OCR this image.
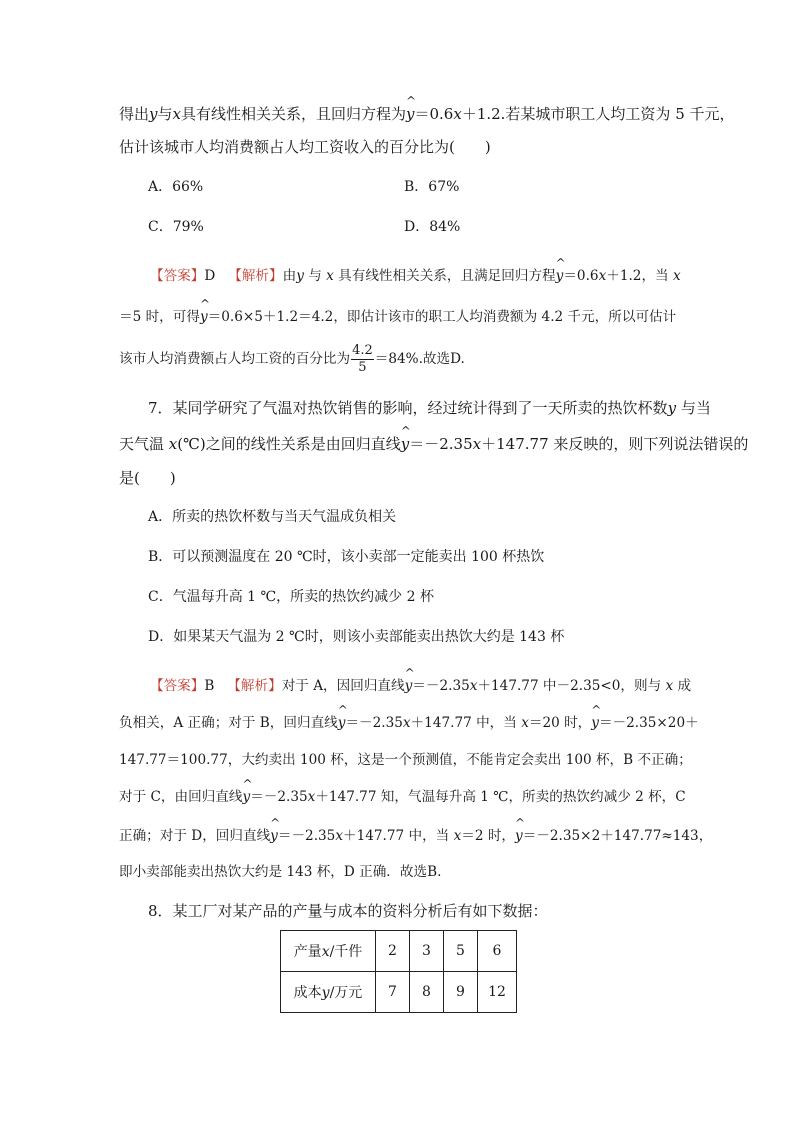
得出y与x具有线性相关关系，且回归方程为^ y＝0.6x＋1.2.若某城市职工人均工资为 5 千元，
估计该城市人均消费额占人均工资收入的百分比为(　　)
A．66%	B．67%
C．79%	D．84%
【答案】D 【解析】由y 与 x 具有线性相关关系，且满足回归方程^ y＝0.6x＋1.2，当 x
＝5 时，可得^ y＝0.6×5＋1.2＝4.2，即估计该市的职工人均消费额为 4.2 千元，所以可估计
该市人均消费额占人均工资的百分比为 $\frac{4.2}{5} =84\%$.故选D.
7．某同学研究了气温对热饮销售的影响，经过统计得到了一天所卖的热饮杯数y 与当
天气温 x(℃)之间的线性关系是由回归直线^ y＝－2.35x＋147.77 来反映的，则下列说法错误的
是(　　)
A．所卖的热饮杯数与当天气温成负相关
B．可以预测温度在 20 ℃时，该小卖部一定能卖出 100 杯热饮
C．气温每升高 1 ℃，所卖的热饮约减少 2 杯
D．如果某天气温为 2 ℃时，则该小卖部能卖出热饮大约是 143 杯
【答案】B 【解析】对于 A，因回归直线^ y＝－2.35x＋147.77 中－2.35<0，则与 x 成
负相关，A 正确；对于 B，回归直线^ y＝－2.35x＋147.77 中，当 x＝20 时，^ y＝－2.35×20＋
147.77＝100.77，大约卖出 100 杯，这是一个预测值，不能肯定会卖出 100 杯，B 不正确；
对于 C，由回归直线^ y＝－2.35x＋147.77 知，气温每升高 1 ℃，所卖的热饮约减少 2 杯，C
正确；对于 D，回归直线^ y＝－2.35x＋147.77 中，当 x＝2 时，^ y＝－2.35×2＋147.77≈143，
即小卖部能卖出热饮大约是 143 杯，D 正确．故选B.
8．某工厂对某产品的产量与成本的资料分析后有如下数据：
产量x/千件	2	3	5	6
成本y/万元	7	8	9	12
